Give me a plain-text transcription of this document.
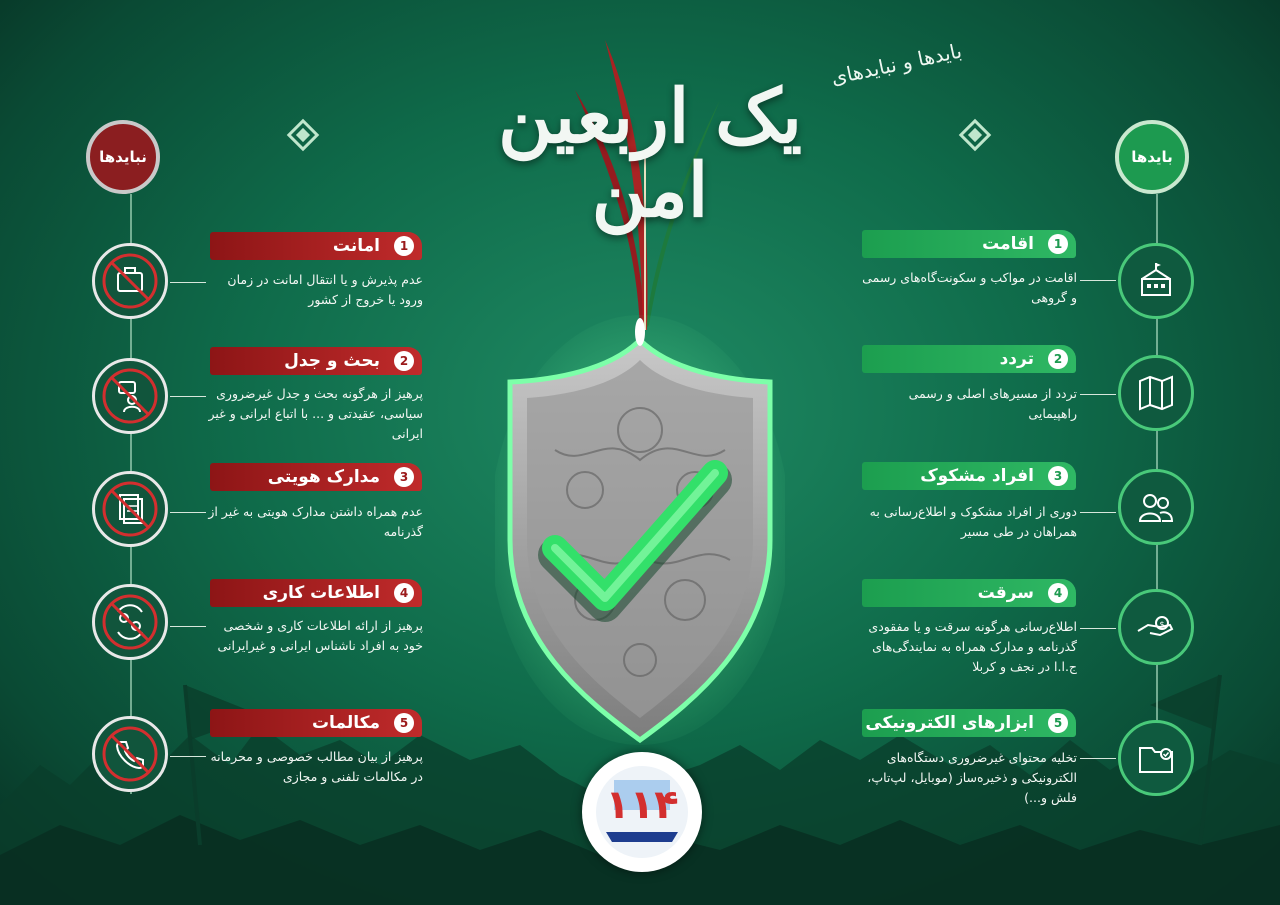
بایدها و نبایدهای
یک اربعین امن
نبایدها	بایدها
1
امانت
عدم پذیرش و یا انتقال امانت در زمان ورود یا خروج از کشور
2
بحث و جدل
پرهیز از هرگونه بحث و جدل غیرضروری سیاسی، عقیدتی و ... با اتباع ایرانی و غیر ایرانی
3
مدارک هویتی
عدم همراه داشتن مدارک هویتی به غیر از گذرنامه
4
اطلاعات کاری
پرهیز از ارائه اطلاعات کاری و شخصی خود به افراد ناشناس ایرانی و غیرایرانی
5
مکالمات
پرهیز از بیان مطالب خصوصی و محرمانه در مکالمات تلفنی و مجازی
1
اقامت
اقامت در مواکب و سکونت‌گاه‌های رسمی و گروهی
2
تردد
تردد از مسیرهای اصلی و رسمی راهپیمایی
3
افراد مشکوک
دوری از افراد مشکوک و اطلاع‌رسانی به همراهان در طی مسیر
$
4
سرقت
اطلاع‌رسانی هرگونه سرقت و یا مفقودی گذرنامه و مدارک همراه به نمایندگی‌های ج.ا.ا در نجف و کربلا
5
ابزارهای الکترونیکی
تخلیه محتوای غیرضروری دستگاه‌های الکترونیکی و ذخیره‌ساز (موبایل، لپ‌تاپ، فلش و...)
۱۱۴
